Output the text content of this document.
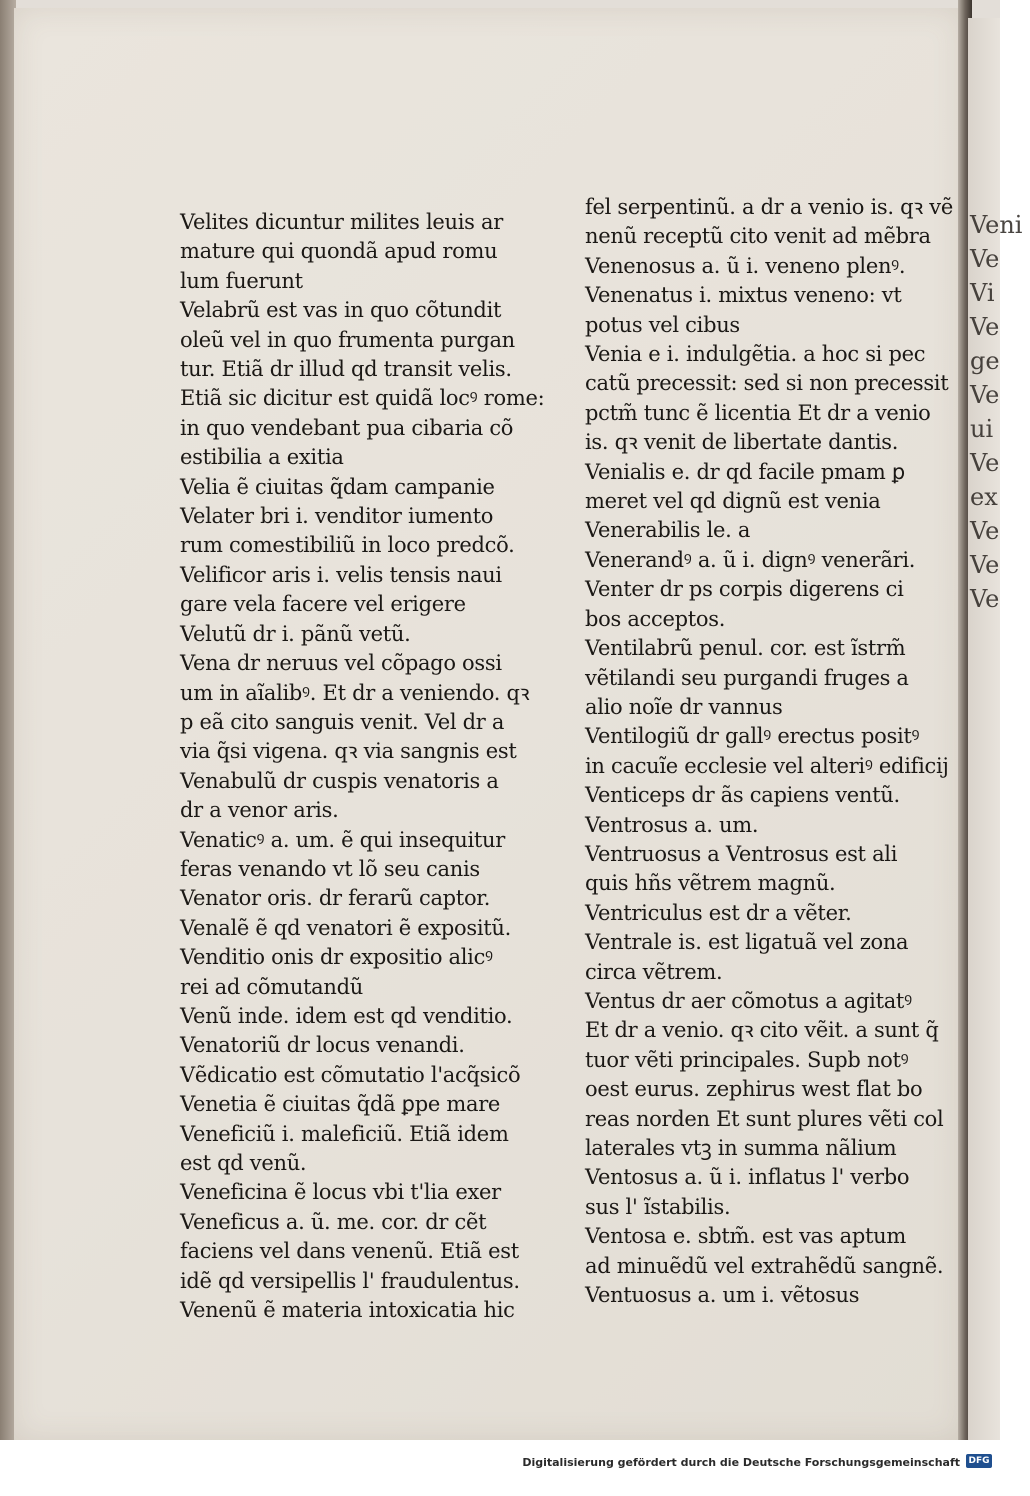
Velites dicuntur milites leuis ar
mature qui quondã apud romu
lum fuerunt
Velabrũ est vas in quo cõtundit
oleũ vel in quo frumenta purgan
tur. Etiã dr illud qd transit velis.
Etiã sic dicitur est quidã locꝰ rome:
in quo vendebant pua cibaria cõ
estibilia a exitia
Velia ẽ ciuitas q̃dam campanie
Velater bri i. venditor iumento
rum comestibiliũ in loco predcõ.
Velificor aris i. velis tensis naui
gare vela facere vel erigere
Velutũ dr i. pãnũ vetũ.
Vena dr neruus vel cõpago ossi
um in aĩalibꝰ. Et dr a veniendo. qꝛ
p eã cito sanguis venit. Vel dr a
via q̃si vigena. qꝛ via sangnis est
Venabulũ dr cuspis venatoris a
dr a venor aris.
Venaticꝰ a. um. ẽ qui insequitur
feras venando vt lõ seu canis
Venator oris. dr ferarũ captor.
Venalẽ ẽ qd venatori ẽ expositũ.
Venditio onis dr expositio alicꝰ
rei ad cõmutandũ
Venũ inde. idem est qd venditio.
Venatoriũ dr locus venandi.
Vẽdicatio est cõmutatio l'acq̃sicõ
Venetia ẽ ciuitas q̃dã ꝑpe mare
Veneficiũ i. maleficiũ. Etiã idem
est qd venũ.
Veneficina ẽ locus vbi t'lia exer
Veneficus a. ũ. me. cor. dr cẽt
faciens vel dans venenũ. Etiã est
idẽ qd versipellis l' fraudulentus.
Venenũ ẽ materia intoxicatia hic
fel serpentinũ. a dr a venio is. qꝛ vẽ
nenũ receptũ cito venit ad mẽbra
Venenosus a. ũ i. veneno plenꝰ.
Venenatus i. mixtus veneno: vt
potus vel cibus
Venia e i. indulgẽtia. a hoc si pec
catũ precessit: sed si non precessit
pctm̃ tunc ẽ licentia Et dr a venio
is. qꝛ venit de libertate dantis.
Venialis e. dr qd facile pmam ꝑ
meret vel qd dignũ est venia
Venerabilis le. a
Venerandꝰ a. ũ i. dignꝰ venerãri.
Venter dr ps corpis digerens ci
bos acceptos.
Ventilabrũ penul. cor. est ĩstrm̃
vẽtilandi seu purgandi fruges a
alio noĩe dr vannus
Ventilogiũ dr gallꝰ erectus positꝰ
in cacuĩe ecclesie vel alteriꝰ edificij
Venticeps dr ãs capiens ventũ.
Ventrosus a. um.
Ventruosus a Ventrosus est ali
quis hñs vẽtrem magnũ.
Ventriculus est dr a vẽter.
Ventrale is. est ligatuã vel zona
circa vẽtrem.
Ventus dr aer cõmotus a agitatꝰ
Et dr a venio. qꝛ cito vẽit. a sunt q̃
tuor vẽti principales. Supb notꝰ
oest eurus. zephirus west flat bo
reas norden Et sunt plures vẽti col
laterales vtꝫ in summa nãlium
Ventosus a. ũ i. inflatus l' verbo
sus l' ĩstabilis.
Ventosa e. sbtm̃. est vas aptum
ad minuẽdũ vel extrahẽdũ sangnẽ.
Ventuosus a. um i. vẽtosus
Veni
Ve
Vi
Ve
ge
Ve
ui
Ve
ex
Ve
Ve
Ve
Digitalisierung gefördert durch die Deutsche Forschungsgemeinschaft DFG
